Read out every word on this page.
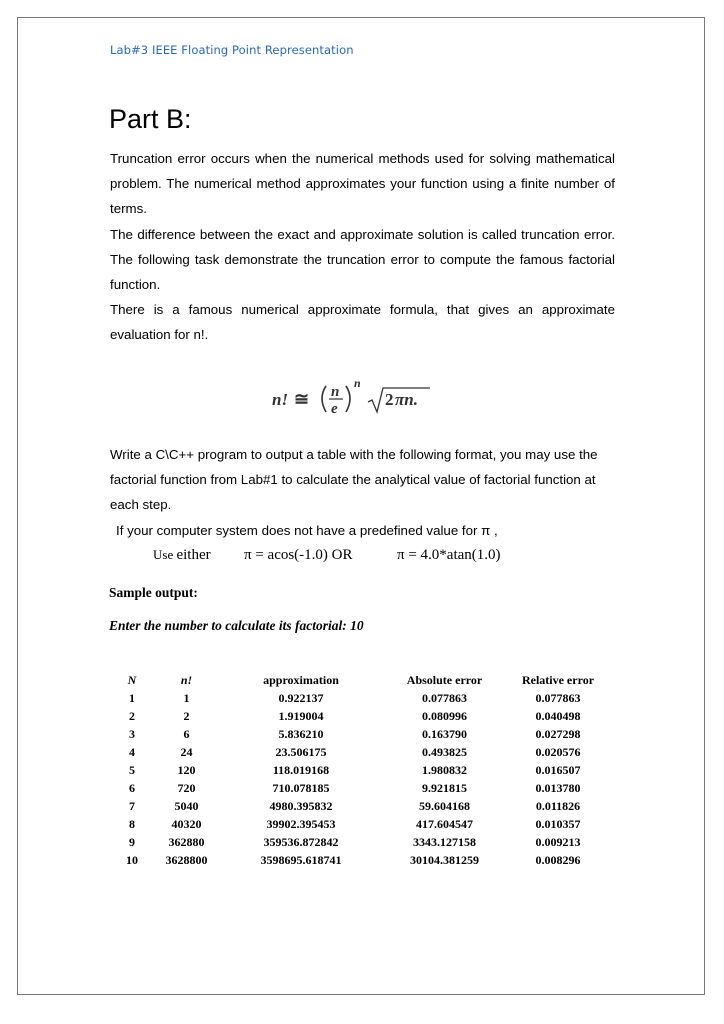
Lab#3 IEEE Floating Point Representation
Part B:

Truncation error occurs when the numerical methods used for solving mathematical problem. The numerical method approximates your function using a finite number of terms.

The difference between the exact and approximate solution is called truncation error. The following task demonstrate the truncation error to compute the famous factorial function.

There is a famous numerical approximate formula, that gives an approximate evaluation for n!.

n! ≅ n
e
n
2 πn.

Write a C\C++ program to output a table with the following format, you may use the factorial function from Lab#1 to calculate the analytical value of factorial function at each step.

If your computer system does not have a predefined value for π ,

Use either π = acos(-1.0) OR	π = 4.0*atan(1.0)
Sample output:
Enter the number to calculate its factorial: 10
N	n!	approximation	Absolute error	Relative error
1	1	0.922137	0.077863	0.077863
2	2	1.919004	0.080996	0.040498
3	6	5.836210	0.163790	0.027298
4	24	23.506175	0.493825	0.020576
5	120	118.019168	1.980832	0.016507
6	720	710.078185	9.921815	0.013780
7	5040	4980.395832	59.604168	0.011826
8	40320	39902.395453	417.604547	0.010357
9	362880	359536.872842	3343.127158	0.009213
10	3628800	3598695.618741	30104.381259	0.008296
